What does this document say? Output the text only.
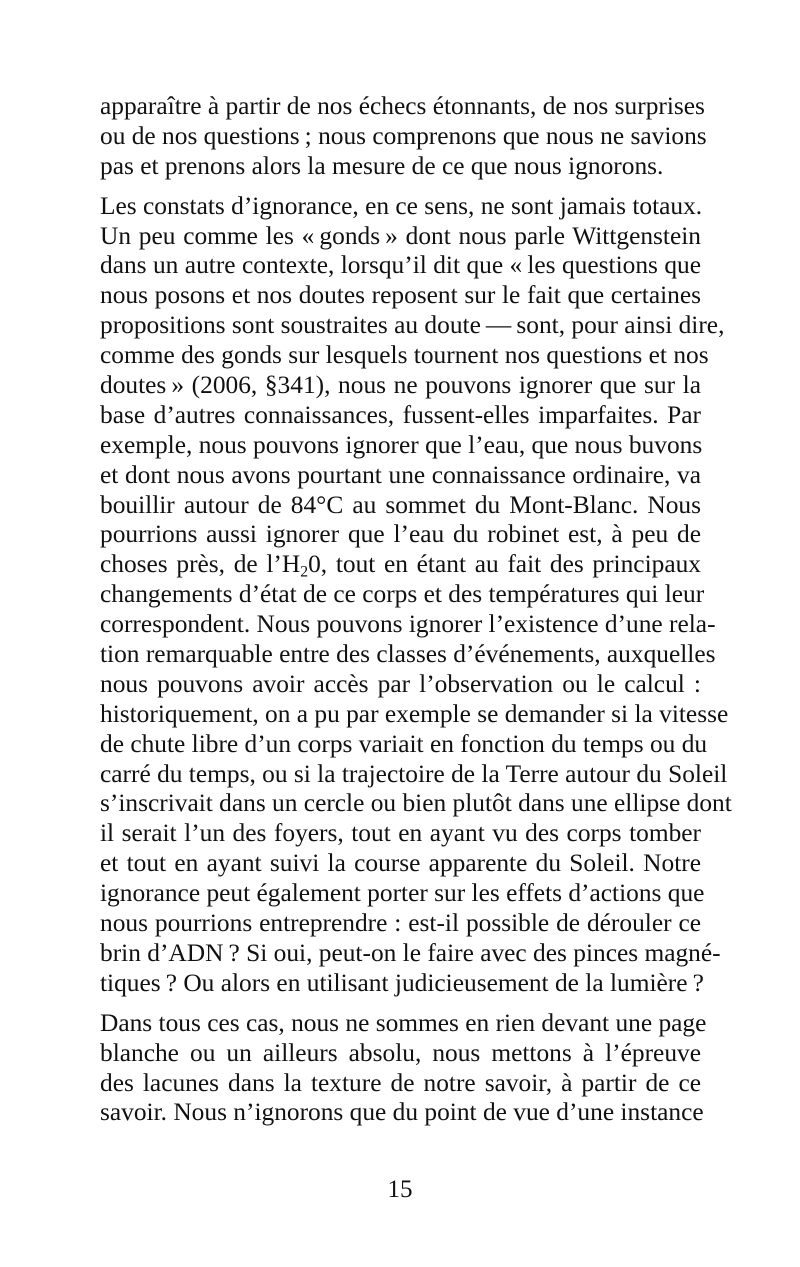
apparaître à partir de nos échecs étonnants, de nos surprises
ou de nos questions ; nous comprenons que nous ne savions
pas et prenons alors la mesure de ce que nous ignorons.

Les constats d’ignorance, en ce sens, ne sont jamais totaux.
Un peu comme les « gonds » dont nous parle Wittgenstein
dans un autre contexte, lorsqu’il dit que « les questions que
nous posons et nos doutes reposent sur le fait que certaines
propositions sont soustraites au doute — sont, pour ainsi dire,
comme des gonds sur lesquels tournent nos questions et nos
doutes » (2006, §341), nous ne pouvons ignorer que sur la
base d’autres connaissances, fussent-elles imparfaites. Par
exemple, nous pouvons ignorer que l’eau, que nous buvons
et dont nous avons pourtant une connaissance ordinaire, va
bouillir autour de 84°C au sommet du Mont-Blanc. Nous
pourrions aussi ignorer que l’eau du robinet est, à peu de
choses près, de $l’H_20$, tout en étant au fait des principaux
changements d’état de ce corps et des températures qui leur
correspondent. Nous pouvons ignorer l’existence d’une rela-
tion remarquable entre des classes d’événements, auxquelles
nous pouvons avoir accès par l’observation ou le calcul :
historiquement, on a pu par exemple se demander si la vitesse
de chute libre d’un corps variait en fonction du temps ou du
carré du temps, ou si la trajectoire de la Terre autour du Soleil
s’inscrivait dans un cercle ou bien plutôt dans une ellipse dont
il serait l’un des foyers, tout en ayant vu des corps tomber
et tout en ayant suivi la course apparente du Soleil. Notre
ignorance peut également porter sur les effets d’actions que
nous pourrions entreprendre : est-il possible de dérouler ce
brin d’ADN ? Si oui, peut-on le faire avec des pinces magné-
tiques ? Ou alors en utilisant judicieusement de la lumière ?

Dans tous ces cas, nous ne sommes en rien devant une page
blanche ou un ailleurs absolu, nous mettons à l’épreuve
des lacunes dans la texture de notre savoir, à partir de ce
savoir. Nous n’ignorons que du point de vue d’une instance

15
